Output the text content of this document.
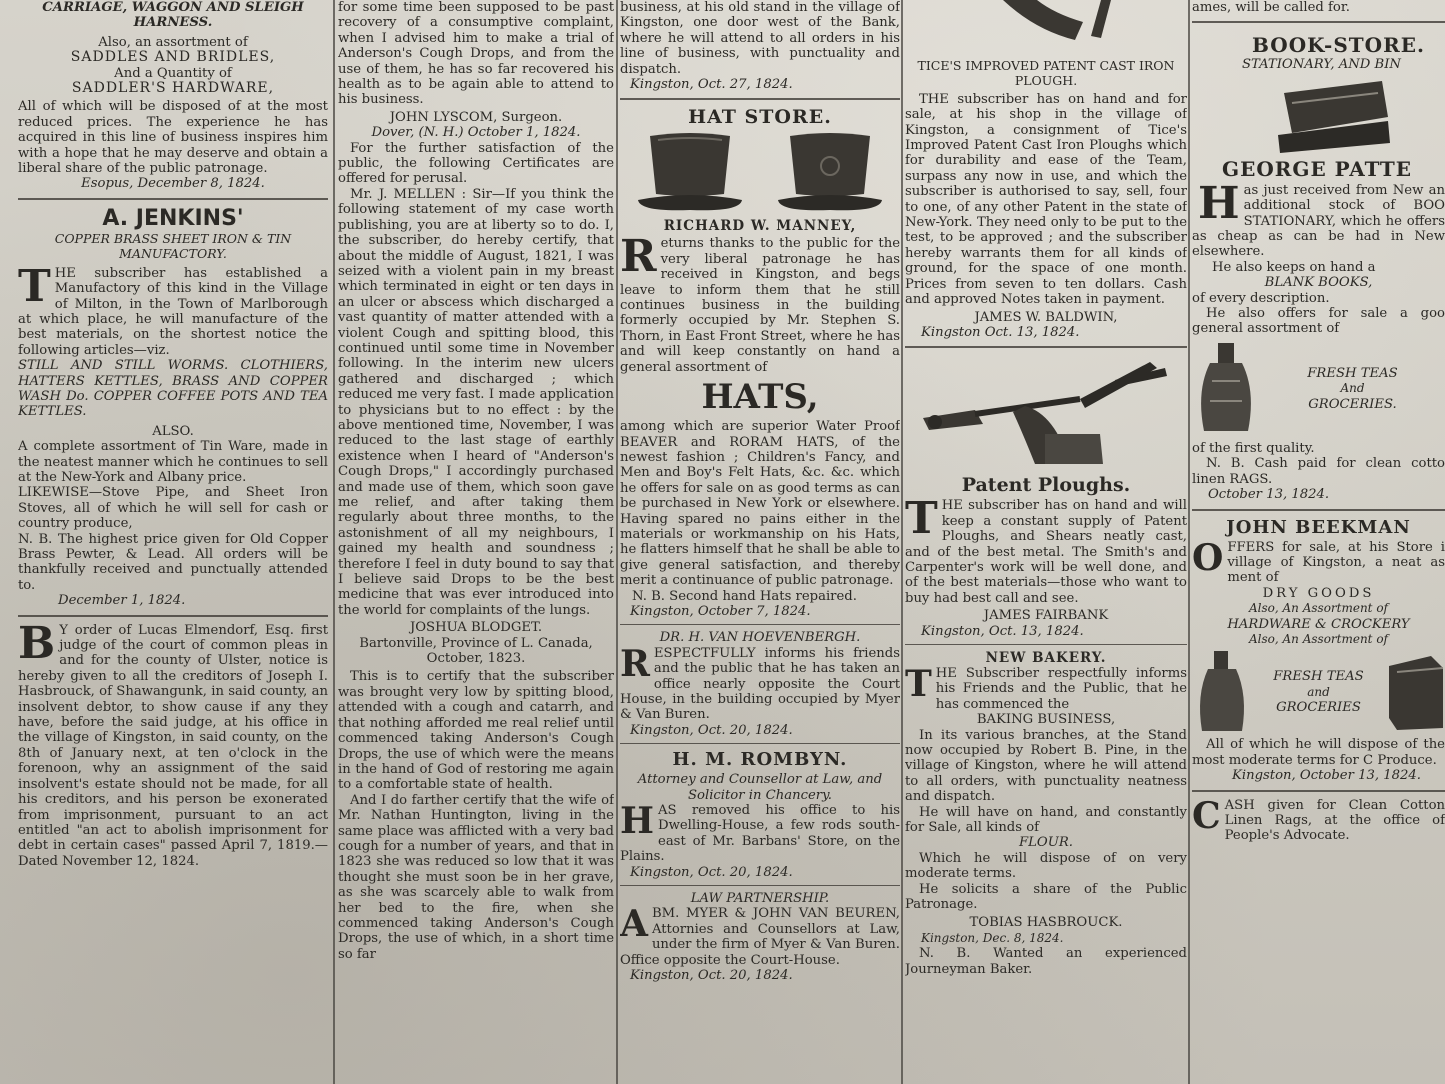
CARRIAGE, WAGGON AND SLEIGH HARNESS.

Also, an assortment of

SADDLES AND BRIDLES,

And a Quantity of

SADDLER'S HARDWARE,

All of which will be disposed of at the most reduced prices. The experience he has acquired in this line of business inspires him with a hope that he may deserve and obtain a liberal share of the public patronage.

Esopus, December 8, 1824.

A. JENKINS'

COPPER BRASS SHEET IRON & TIN MANUFACTORY.

T HE subscriber has established a Manufactory of this kind in the Village of Milton, in the Town of Marlborough at which place, he will manufacture of the best materials, on the shortest notice the following articles—viz.

STILL AND STILL WORMS. CLOTHIERS, HATTERS KETTLES, BRASS AND COPPER WASH Do. COPPER COFFEE POTS AND TEA KETTLES.

ALSO.

A complete assortment of Tin Ware, made in the neatest manner which he continues to sell at the New-York and Albany price.

LIKEWISE—Stove Pipe, and Sheet Iron Stoves, all of which he will sell for cash or country produce,

N. B. The highest price given for Old Copper Brass Pewter, & Lead. All orders will be thankfully received and punctually attended to.

December 1, 1824.

B Y order of Lucas Elmendorf, Esq. first judge of the court of common pleas in and for the county of Ulster, notice is hereby given to all the creditors of Joseph I. Hasbrouck, of Shawangunk, in said county, an insolvent debtor, to show cause if any they have, before the said judge, at his office in the village of Kingston, in said county, on the 8th of January next, at ten o'clock in the forenoon, why an assignment of the said insolvent's estate should not be made, for all his creditors, and his person be exonerated from imprisonment, pursuant to an act entitled "an act to abolish imprisonment for debt in certain cases" passed April 7, 1819.—Dated November 12, 1824.

for some time been supposed to be past recovery of a consumptive complaint, when I advised him to make a trial of Anderson's Cough Drops, and from the use of them, he has so far recovered his health as to be again able to attend to his business.

JOHN LYSCOM, Surgeon.

Dover, (N. H.) October 1, 1824.

For the further satisfaction of the public, the following Certificates are offered for perusal.

Mr. J. MELLEN : Sir—If you think the following statement of my case worth publishing, you are at liberty so to do. I, the subscriber, do hereby certify, that about the middle of August, 1821, I was seized with a violent pain in my breast which terminated in eight or ten days in an ulcer or abscess which discharged a vast quantity of matter attended with a violent Cough and spitting blood, this continued until some time in November following. In the interim new ulcers gathered and discharged ; which reduced me very fast. I made application to physicians but to no effect : by the above mentioned time, November, I was reduced to the last stage of earthly existence when I heard of "Anderson's Cough Drops," I accordingly purchased and made use of them, which soon gave me relief, and after taking them regularly about three months, to the astonishment of all my neighbours, I gained my health and soundness ; therefore I feel in duty bound to say that I believe said Drops to be the best medicine that was ever introduced into the world for complaints of the lungs.

JOSHUA BLODGET.

Bartonville, Province of L. Canada, October, 1823.

This is to certify that the subscriber was brought very low by spitting blood, attended with a cough and catarrh, and that nothing afforded me real relief until commenced taking Anderson's Cough Drops, the use of which were the means in the hand of God of restoring me again to a comfortable state of health.

And I do farther certify that the wife of Mr. Nathan Huntington, living in the same place was afflicted with a very bad cough for a number of years, and that in 1823 she was reduced so low that it was thought she must soon be in her grave, as she was scarcely able to walk from her bed to the fire, when she commenced taking Anderson's Cough Drops, the use of which, in a short time so far

business, at his old stand in the village of Kingston, one door west of the Bank, where he will attend to all orders in his line of business, with punctuality and dispatch.

Kingston, Oct. 27, 1824.

HAT STORE.

RICHARD W. MANNEY,

R eturns thanks to the public for the very liberal patronage he has received in Kingston, and begs leave to inform them that he still continues business in the building formerly occupied by Mr. Stephen S. Thorn, in East Front Street, where he has and will keep constantly on hand a general assortment of

HATS,

among which are superior Water Proof BEAVER and RORAM HATS, of the newest fashion ; Children's Fancy, and Men and Boy's Felt Hats, &c. &c. which he offers for sale on as good terms as can be purchased in New York or elsewhere. Having spared no pains either in the materials or workmanship on his Hats, he flatters himself that he shall be able to give general satisfaction, and thereby merit a continuance of public patronage.

N. B. Second hand Hats repaired.

Kingston, October 7, 1824.

DR. H. VAN HOEVENBERGH.

R ESPECTFULLY informs his friends and the public that he has taken an office nearly opposite the Court House, in the building occupied by Myer & Van Buren.

Kingston, Oct. 20, 1824.

H. M. ROMBYN.

Attorney and Counsellor at Law, and Solicitor in Chancery.

H AS removed his office to his Dwelling-House, a few rods south-east of Mr. Barbans' Store, on the Plains.

Kingston, Oct. 20, 1824.

LAW PARTNERSHIP.

A BM. MYER & JOHN VAN BEUREN, Attornies and Counsellors at Law, under the firm of Myer & Van Buren. Office opposite the Court-House.

Kingston, Oct. 20, 1824.

TICE'S IMPROVED PATENT CAST IRON PLOUGH.

THE subscriber has on hand and for sale, at his shop in the village of Kingston, a consignment of Tice's Improved Patent Cast Iron Ploughs which for durability and ease of the Team, surpass any now in use, and which the subscriber is authorised to say, sell, four to one, of any other Patent in the state of New-York. They need only to be put to the test, to be approved ; and the subscriber hereby warrants them for all kinds of ground, for the space of one month. Prices from seven to ten dollars. Cash and approved Notes taken in payment.

JAMES W. BALDWIN,

Kingston Oct. 13, 1824.

Patent Ploughs.

T HE subscriber has on hand and will keep a constant supply of Patent Ploughs, and Shears neatly cast, and of the best metal. The Smith's and Carpenter's work will be well done, and of the best materials—those who want to buy had best call and see.

JAMES FAIRBANK

Kingston, Oct. 13, 1824.

NEW BAKERY.

T HE Subscriber respectfully informs his Friends and the Public, that he has commenced the

BAKING BUSINESS,

In its various branches, at the Stand now occupied by Robert B. Pine, in the village of Kingston, where he will attend to all orders, with punctuality neatness and dispatch.

He will have on hand, and constantly for Sale, all kinds of

FLOUR.

Which he will dispose of on very moderate terms.

He solicits a share of the Public Patronage.

TOBIAS HASBROUCK.

Kingston, Dec. 8, 1824.

N. B. Wanted an experienced Journeyman Baker.

ames, will be called for.

BOOK-STORE.

STATIONARY, AND BIN

GEORGE PATTE

H as just received from New an additional stock of BOO STATIONARY, which he offers as cheap as can be had in New elsewhere.

He also keeps on hand a

BLANK BOOKS,

of every description.

He also offers for sale a goo general assortment of

FRESH TEAS

And

GROCERIES.

of the first quality.

N. B. Cash paid for clean cotto linen RAGS.

October 13, 1824.

JOHN BEEKMAN

O FFERS for sale, at his Store i village of Kingston, a neat as ment of

DRY GOODS

Also, An Assortment of

HARDWARE & CROCKERY

Also, An Assortment of

FRESH TEAS

and

GROCERIES

All of which he will dispose of the most moderate terms for C Produce.

Kingston, October 13, 1824.

C ASH given for Clean Cotton Linen Rags, at the office of People's Advocate.
